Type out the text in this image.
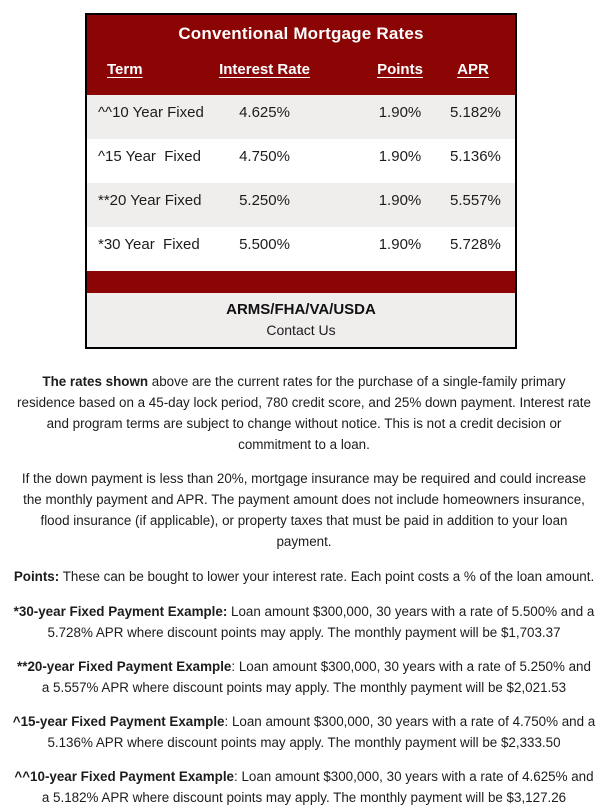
Conventional Mortgage Rates
Term	Interest Rate	Points	APR
^^10 Year Fixed	4.625%	1.90%	5.182%
^15 Year  Fixed	4.750%	1.90%	5.136%
**20 Year Fixed	5.250%	1.90%	5.557%
*30 Year  Fixed	5.500%	1.90%	5.728%
ARMS/FHA/VA/USDA
Contact Us

The rates shown above are the current rates for the purchase of a single-family primary residence based on a 45-day lock period, 780 credit score, and 25% down payment. Interest rate and program terms are subject to change without notice. This is not a credit decision or commitment to a loan.

If the down payment is less than 20%, mortgage insurance may be required and could increase the monthly payment and APR. The payment amount does not include homeowners insurance, flood insurance (if applicable), or property taxes that must be paid in addition to your loan payment.

Points: These can be bought to lower your interest rate. Each point costs a % of the loan amount.

*30-year Fixed Payment Example: Loan amount $300,000, 30 years with a rate of 5.500% and a 5.728% APR where discount points may apply. The monthly payment will be $1,703.37

**20-year Fixed Payment Example: Loan amount $300,000, 30 years with a rate of 5.250% and a 5.557% APR where discount points may apply. The monthly payment will be $2,021.53

^15-year Fixed Payment Example: Loan amount $300,000, 30 years with a rate of 4.750% and a 5.136% APR where discount points may apply. The monthly payment will be $2,333.50

^^10-year Fixed Payment Example: Loan amount $300,000, 30 years with a rate of 4.625% and a 5.182% APR where discount points may apply. The monthly payment will be $3,127.26
